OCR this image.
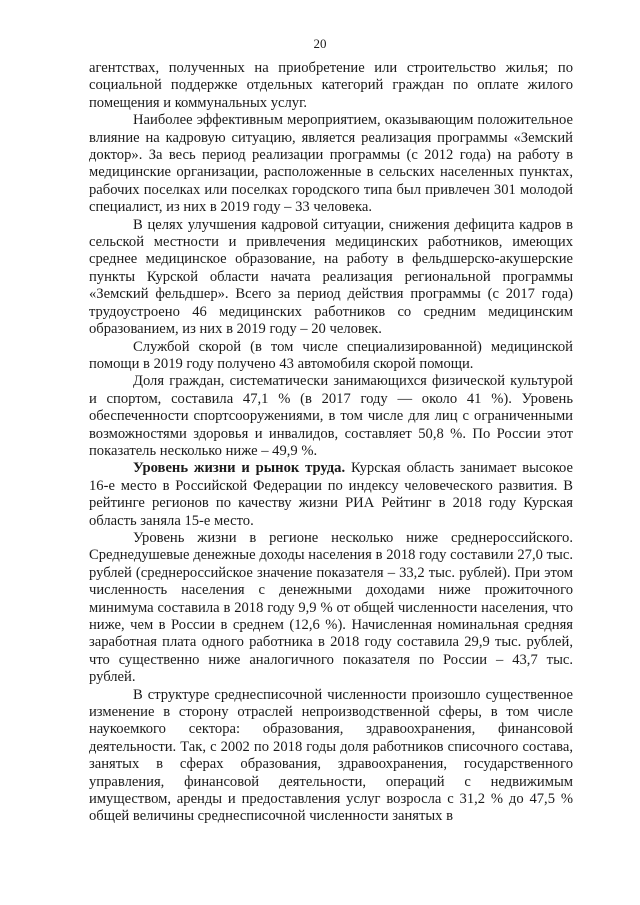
20

агентствах, полученных на приобретение или строительство жилья; по социальной поддержке отдельных категорий граждан по оплате жилого помещения и коммунальных услуг.

Наиболее эффективным мероприятием, оказывающим положительное влияние на кадровую ситуацию, является реализация программы «Земский доктор». За весь период реализации программы (с 2012 года) на работу в медицинские организации, расположенные в сельских населенных пунктах, рабочих поселках или поселках городского типа был привлечен 301 молодой специалист, из них в 2019 году – 33 человека.

В целях улучшения кадровой ситуации, снижения дефицита кадров в сельской местности и привлечения медицинских работников, имеющих среднее медицинское образование, на работу в фельдшерско-акушерские пункты Курской области начата реализация региональной программы «Земский фельдшер». Всего за период действия программы (с 2017 года) трудоустроено 46 медицинских работников со средним медицинским образованием, из них в 2019 году – 20 человек.

Службой скорой (в том числе специализированной) медицинской помощи в 2019 году получено 43 автомобиля скорой помощи.

Доля граждан, систематически занимающихся физической культурой и спортом, составила 47,1 % (в 2017 году — около 41 %). Уровень обеспеченности спортсооружениями, в том числе для лиц с ограниченными возможностями здоровья и инвалидов, составляет 50,8 %. По России этот показатель несколько ниже – 49,9 %.

Уровень жизни и рынок труда. Курская область занимает высокое 16-е место в Российской Федерации по индексу человеческого развития. В рейтинге регионов по качеству жизни РИА Рейтинг в 2018 году Курская область заняла 15-е место.

Уровень жизни в регионе несколько ниже среднероссийского. Среднедушевые денежные доходы населения в 2018 году составили 27,0 тыс. рублей (среднероссийское значение показателя – 33,2 тыс. рублей). При этом численность населения с денежными доходами ниже прожиточного минимума составила в 2018 году 9,9 % от общей численности населения, что ниже, чем в России в среднем (12,6 %). Начисленная номинальная средняя заработная плата одного работника в 2018 году составила 29,9 тыс. рублей, что существенно ниже аналогичного показателя по России – 43,7 тыс. рублей.

В структуре среднесписочной численности произошло существенное изменение в сторону отраслей непроизводственной сферы, в том числе наукоемкого сектора: образования, здравоохранения, финансовой деятельности. Так, с 2002 по 2018 годы доля работников списочного состава, занятых в сферах образования, здравоохранения, государственного управления, финансовой деятельности, операций с недвижимым имуществом, аренды и предоставления услуг возросла с 31,2 % до 47,5 % общей величины среднесписочной численности занятых в
